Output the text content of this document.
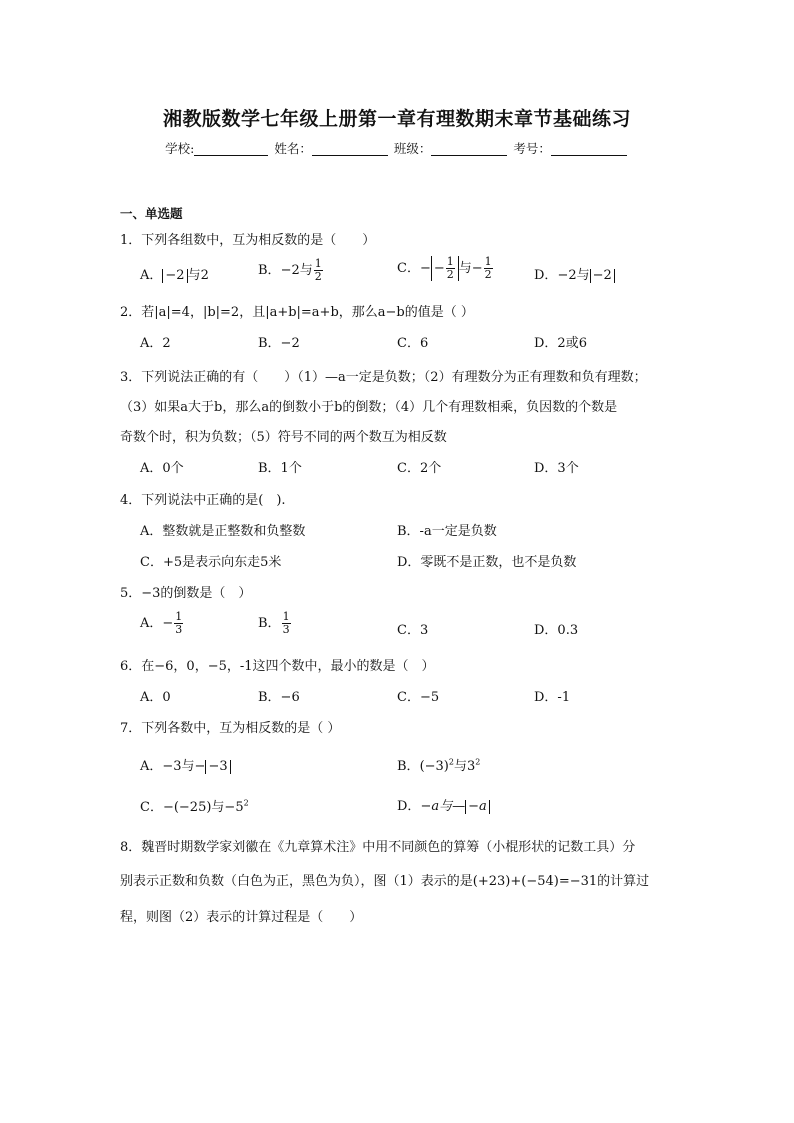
湘教版数学七年级上册第一章有理数期末章节基础练习
学校:	姓名：	班级：	考号：
一、单选题
1．下列各组数中，互为相反数的是（　　）
A． −2 与2	B．−2与 $\frac{1}{2}$	C．− − $\frac{1}{2}$ 与− $\frac{1}{2}$	D．−2与 −2
2．若|a|=4，|b|=2，且|a+b|=a+b，那么a−b的值是（ ）
A．2	B．−2	C．6	D．2或6
3．下列说法正确的有（　　）（1）—a一定是负数；（2）有理数分为正有理数和负有理数；
（3）如果a大于b，那么a的倒数小于b的倒数；（4）几个有理数相乘，负因数的个数是
奇数个时，积为负数；（5）符号不同的两个数互为相反数
A．0个	B．1个	C．2个	D．3个
4．下列说法中正确的是(　).
A．整数就是正整数和负整数	B．-a一定是负数
C．+5是表示向东走5米	D．零既不是正数，也不是负数
5．−3的倒数是（　）
A．− $\frac{1}{3}$	B． $\frac{1}{3}$	C．3	D．0.3
6．在−6，0，−5，-1这四个数中，最小的数是（　）
A．0	B．−6	C．−5	D．-1
7．下列各数中，互为相反数的是（ ）
A．−3与− −3	B．$(-3)^2$与$3^2$
C．−(−25)与$-5^2$	D．−a与— −a
8．魏晋时期数学家刘徽在《九章算术注》中用不同颜色的算筹（小棍形状的记数工具）分
别表示正数和负数（白色为正，黑色为负），图（1）表示的是(+23)+(−54)=−31的计算过
程，则图（2）表示的计算过程是（　　）
